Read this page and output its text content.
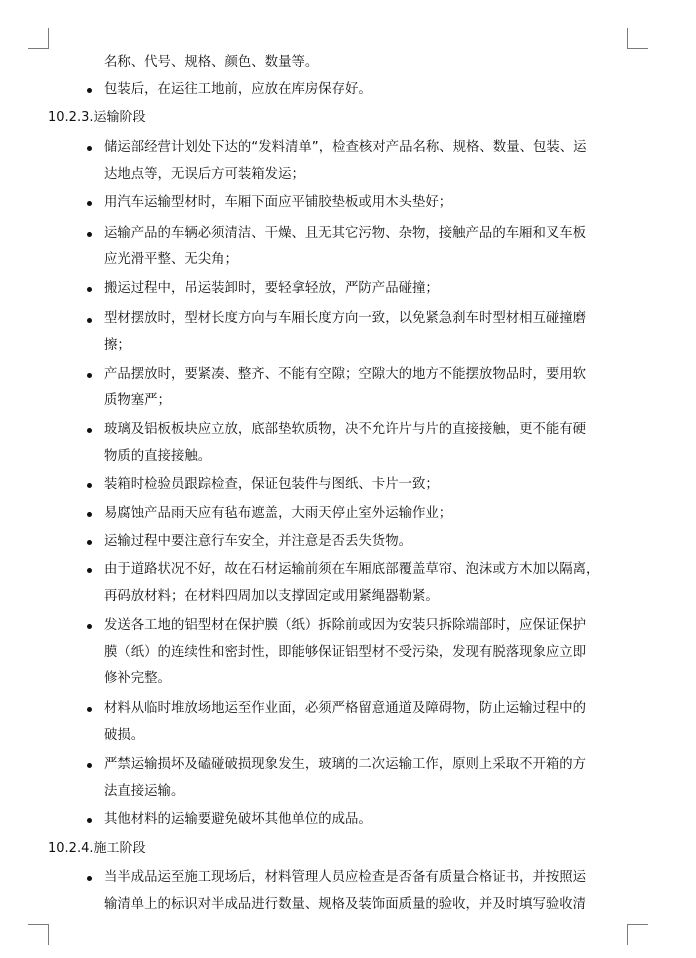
名称、代号、规格、颜色、数量等。
包装后，在运往工地前，应放在库房保存好。
10.2.3.运输阶段
储运部经营计划处下达的“发料清单”，检查核对产品名称、规格、数量、包装、运
达地点等，无误后方可装箱发运；
用汽车运输型材时，车厢下面应平铺胶垫板或用木头垫好；
运输产品的车辆必须清洁、干燥、且无其它污物、杂物，接触产品的车厢和叉车板
应光滑平整、无尖角；
搬运过程中，吊运装卸时，要轻拿轻放，严防产品碰撞；
型材摆放时，型材长度方向与车厢长度方向一致，以免紧急刹车时型材相互碰撞磨
擦；
产品摆放时，要紧凑、整齐、不能有空隙；空隙大的地方不能摆放物品时，要用软
质物塞严；
玻璃及铝板板块应立放，底部垫软质物，决不允许片与片的直接接触，更不能有硬
物质的直接接触。
装箱时检验员跟踪检查，保证包装件与图纸、卡片一致；
易腐蚀产品雨天应有毡布遮盖，大雨天停止室外运输作业；
运输过程中要注意行车安全，并注意是否丢失货物。
由于道路状况不好，故在石材运输前须在车厢底部覆盖草帘、泡沫或方木加以隔离，
再码放材料；在材料四周加以支撑固定或用紧绳器勒紧。
发送各工地的铝型材在保护膜（纸）拆除前或因为安装只拆除端部时，应保证保护
膜（纸）的连续性和密封性，即能够保证铝型材不受污染，发现有脱落现象应立即
修补完整。
材料从临时堆放场地运至作业面，必须严格留意通道及障碍物，防止运输过程中的
破损。
严禁运输损坏及磕碰破损现象发生，玻璃的二次运输工作，原则上采取不开箱的方
法直接运输。
其他材料的运输要避免破坏其他单位的成品。
10.2.4.施工阶段
当半成品运至施工现场后，材料管理人员应检查是否备有质量合格证书，并按照运
输清单上的标识对半成品进行数量、规格及装饰面质量的验收，并及时填写验收清
